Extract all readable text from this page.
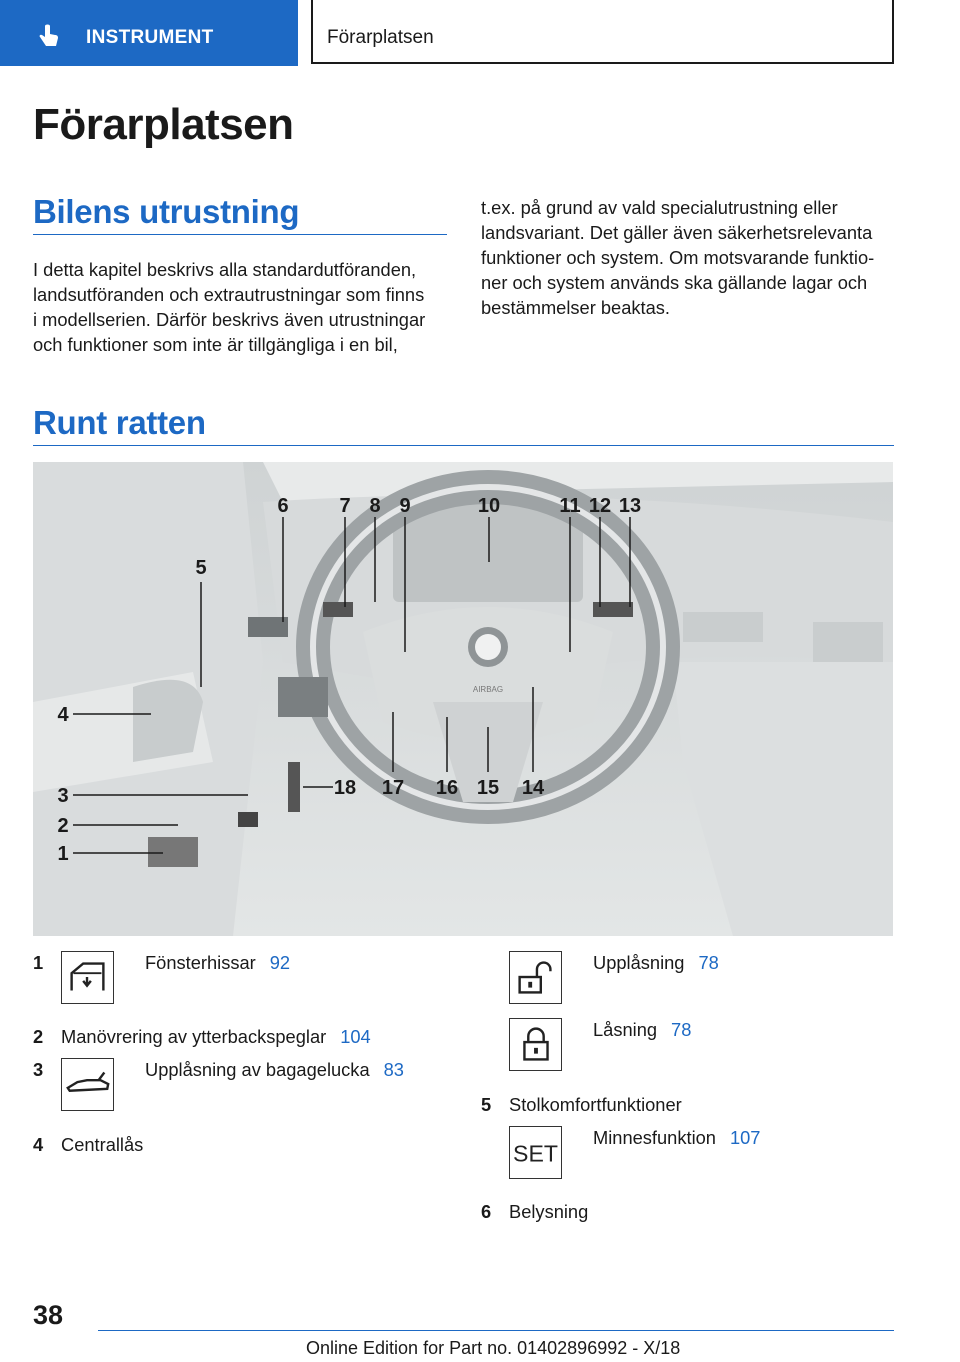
INSTRUMENT	Förarplatsen
Förarplatsen
Bilens utrustning

I detta kapitel beskrivs alla standardutföranden,

landsutföranden och extrautrustningar som finns

i modellserien. Därför beskrivs även utrustningar

och funktioner som inte är tillgängliga i en bil,

t.ex. på grund av vald specialutrustning eller

landsvariant. Det gäller även säkerhetsrelevanta

funktioner och system. Om motsvarande funktio-

ner och system används ska gällande lagar och

bestämmelser beaktas.

Runt ratten
AIRBAG
6	7 8 9	10	11 12 13
5
4
3
2
1
18 17 16 15 14
1	Fönsterhissar 92
2 Manövrering av ytterbackspeglar 104
3	Upplåsning av bagagelucka 83
4 Centrallås
Upplåsning 78
Låsning 78
5 Stolkomfortfunktioner
SET
Minnesfunktion 107
6 Belysning
38
Online Edition for Part no. 01402896992 - X/18
